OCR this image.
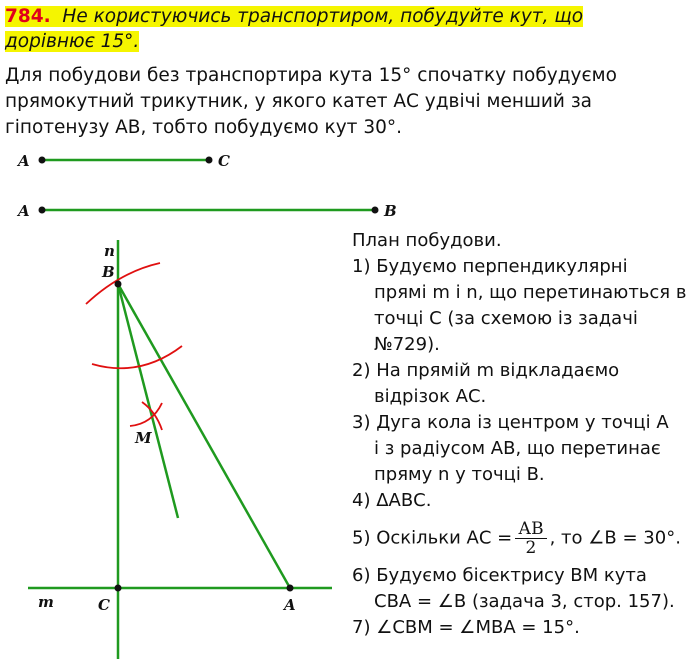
784. Не користуючись транспортиром, побудуйте кут, що
дорівнює 15°.
Для побудови без транспортира кута 15° спочатку побудуємо
прямокутний трикутник, у якого катет АС удвічі менший за
гіпотенузу АВ, тобто побудуємо кут 30°.
A	C
A	B
n
B
M
m	C	A
План побудови.
1) Будуємо перпендикулярні
прямі m і n, що перетинаються в
точці С (за схемою із задачі
№729).
2) На прямій m відкладаємо
відрізок АС.
3) Дуга кола із центром у точці А
і з радіусом АВ, що перетинає
пряму n у точці В.
4) ΔАВС.
5) Оскільки АС = $\frac{АВ}{2}$ , то ∠В = 30°.
6) Будуємо бісектрису ВМ кута
СВА = ∠В (задача 3, стор. 157).
7) ∠СВМ = ∠МВА = 15°.
